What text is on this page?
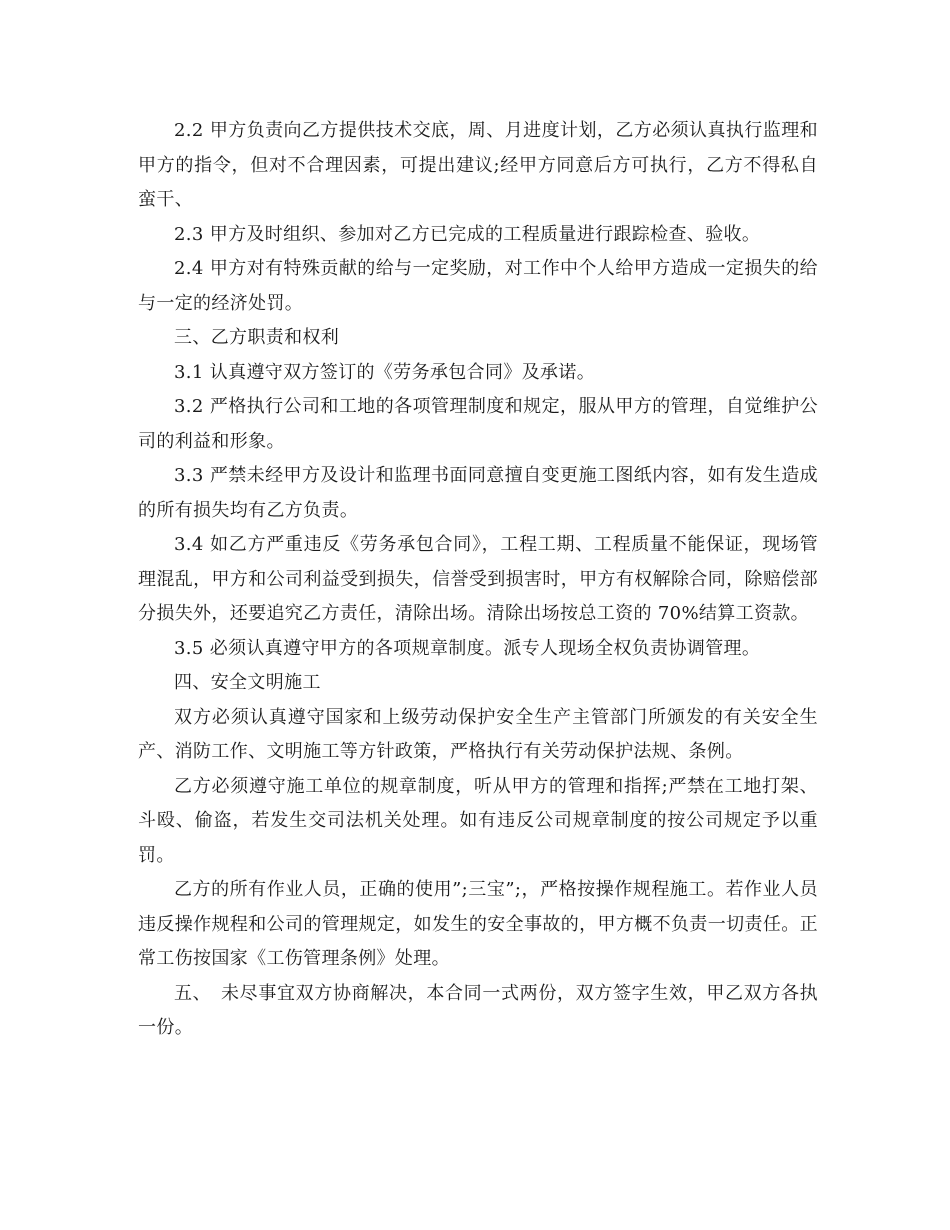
2.2 甲方负责向乙方提供技术交底，周、月进度计划，乙方必须认真执行监理和甲方的指令，但对不合理因素，可提出建议;经甲方同意后方可执行，乙方不得私自蛮干、

2.3 甲方及时组织、参加对乙方已完成的工程质量进行跟踪检查、验收。

2.4 甲方对有特殊贡献的给与一定奖励，对工作中个人给甲方造成一定损失的给与一定的经济处罚。

三、乙方职责和权利

3.1 认真遵守双方签订的《劳务承包合同》及承诺。

3.2 严格执行公司和工地的各项管理制度和规定，服从甲方的管理，自觉维护公司的利益和形象。

3.3 严禁未经甲方及设计和监理书面同意擅自变更施工图纸内容，如有发生造成的所有损失均有乙方负责。

3.4 如乙方严重违反《劳务承包合同》，工程工期、工程质量不能保证，现场管理混乱，甲方和公司利益受到损失，信誉受到损害时，甲方有权解除合同，除赔偿部分损失外，还要追究乙方责任，清除出场。清除出场按总工资的 70%结算工资款。

3.5 必须认真遵守甲方的各项规章制度。派专人现场全权负责协调管理。

四、安全文明施工

双方必须认真遵守国家和上级劳动保护安全生产主管部门所颁发的有关安全生产、消防工作、文明施工等方针政策，严格执行有关劳动保护法规、条例。

乙方必须遵守施工单位的规章制度，听从甲方的管理和指挥;严禁在工地打架、斗殴、偷盗，若发生交司法机关处理。如有违反公司规章制度的按公司规定予以重罚。

乙方的所有作业人员，正确的使用”;三宝”;，严格按操作规程施工。若作业人员违反操作规程和公司的管理规定，如发生的安全事故的，甲方概不负责一切责任。正常工伤按国家《工伤管理条例》处理。

五、　未尽事宜双方协商解决，本合同一式两份，双方签字生效，甲乙双方各执一份。
